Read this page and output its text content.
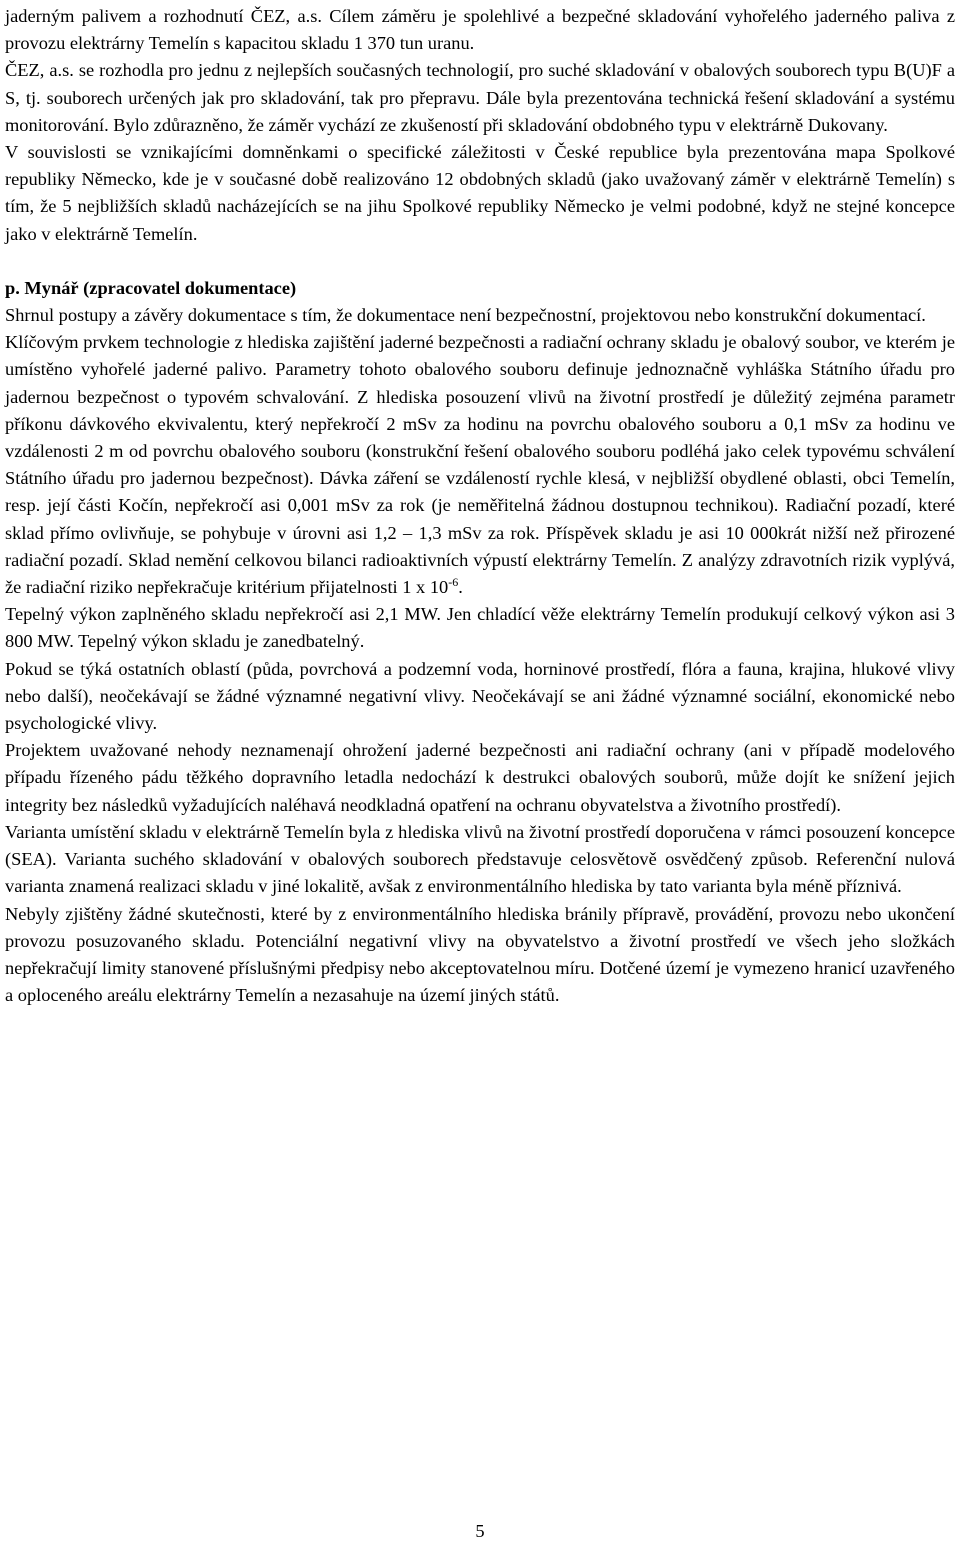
jaderným palivem a rozhodnutí ČEZ, a.s. Cílem záměru je spolehlivé a bezpečné skladování vyhořelého jaderného paliva z provozu elektrárny Temelín s kapacitou skladu 1 370 tun uranu.

ČEZ, a.s. se rozhodla pro jednu z nejlepších současných technologií, pro suché skladování v obalových souborech typu B(U)F a S, tj. souborech určených jak pro skladování, tak pro přepravu. Dále byla prezentována technická řešení skladování a systému monitorování. Bylo zdůrazněno, že záměr vychází ze zkušeností při skladování obdobného typu v elektrárně Dukovany.

V souvislosti se vznikajícími domněnkami o specifické záležitosti v České republice byla prezentována mapa Spolkové republiky Německo, kde je v současné době realizováno 12 obdobných skladů (jako uvažovaný záměr v elektrárně Temelín) s tím, že 5 nejbližších skladů nacházejících se na jihu Spolkové republiky Německo je velmi podobné, když ne stejné koncepce jako v elektrárně Temelín.

p. Mynář (zpracovatel dokumentace)

Shrnul postupy a závěry dokumentace s tím, že dokumentace není bezpečnostní, projektovou nebo konstrukční dokumentací.

Klíčovým prvkem technologie z hlediska zajištění jaderné bezpečnosti a radiační ochrany skladu je obalový soubor, ve kterém je umístěno vyhořelé jaderné palivo. Parametry tohoto obalového souboru definuje jednoznačně vyhláška Státního úřadu pro jadernou bezpečnost o typovém schvalování. Z hlediska posouzení vlivů na životní prostředí je důležitý zejména parametr příkonu dávkového ekvivalentu, který nepřekročí 2 mSv za hodinu na povrchu obalového souboru a 0,1 mSv za hodinu ve vzdálenosti 2 m od povrchu obalového souboru (konstrukční řešení obalového souboru podléhá jako celek typovému schválení Státního úřadu pro jadernou bezpečnost). Dávka záření se vzdáleností rychle klesá, v nejbližší obydlené oblasti, obci Temelín, resp. její části Kočín, nepřekročí asi 0,001 mSv za rok (je neměřitelná žádnou dostupnou technikou). Radiační pozadí, které sklad přímo ovlivňuje, se pohybuje v úrovni asi 1,2 – 1,3 mSv za rok. Příspěvek skladu je asi 10 000krát nižší než přirozené radiační pozadí. Sklad nemění celkovou bilanci radioaktivních výpustí elektrárny Temelín. Z analýzy zdravotních rizik vyplývá, že radiační riziko nepřekračuje kritérium přijatelnosti 1 x $10^{-6}$.

Tepelný výkon zaplněného skladu nepřekročí asi 2,1 MW. Jen chladící věže elektrárny Temelín produkují celkový výkon asi 3 800 MW. Tepelný výkon skladu je zanedbatelný.

Pokud se týká ostatních oblastí (půda, povrchová a podzemní voda, horninové prostředí, flóra a fauna, krajina, hlukové vlivy nebo další), neočekávají se žádné významné negativní vlivy. Neočekávají se ani žádné významné sociální, ekonomické nebo psychologické vlivy.

Projektem uvažované nehody neznamenají ohrožení jaderné bezpečnosti ani radiační ochrany (ani v případě modelového případu řízeného pádu těžkého dopravního letadla nedochází k destrukci obalových souborů, může dojít ke snížení jejich integrity bez následků vyžadujících naléhavá neodkladná opatření na ochranu obyvatelstva a životního prostředí).

Varianta umístění skladu v elektrárně Temelín byla z hlediska vlivů na životní prostředí doporučena v rámci posouzení koncepce (SEA). Varianta suchého skladování v obalových souborech představuje celosvětově osvědčený způsob. Referenční nulová varianta znamená realizaci skladu v jiné lokalitě, avšak z environmentálního hlediska by tato varianta byla méně příznivá.

Nebyly zjištěny žádné skutečnosti, které by z environmentálního hlediska bránily přípravě, provádění, provozu nebo ukončení provozu posuzovaného skladu. Potenciální negativní vlivy na obyvatelstvo a životní prostředí ve všech jeho složkách nepřekračují limity stanovené příslušnými předpisy nebo akceptovatelnou míru. Dotčené území je vymezeno hranicí uzavřeného a oploceného areálu elektrárny Temelín a nezasahuje na území jiných států.

5
